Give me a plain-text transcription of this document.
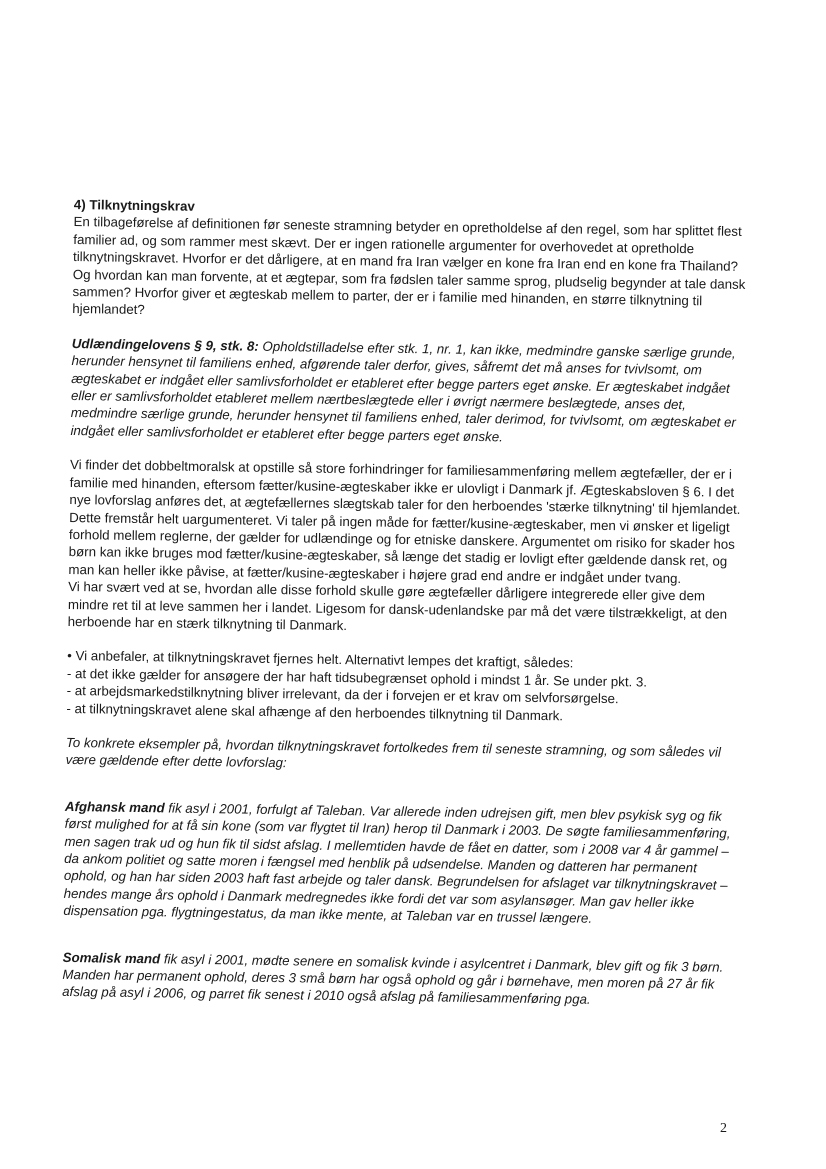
4) Tilknytningskrav

En tilbageførelse af definitionen før seneste stramning betyder en opretholdelse af den regel, som har splittet flest familier ad, og som rammer mest skævt. Der er ingen rationelle argumenter for overhovedet at opretholde tilknytningskravet. Hvorfor er det dårligere, at en mand fra Iran vælger en kone fra Iran end en kone fra Thailand? Og hvordan kan man forvente, at et ægtepar, som fra fødslen taler samme sprog, pludselig begynder at tale dansk sammen? Hvorfor giver et ægteskab mellem to parter, der er i familie med hinanden, en større tilknytning til hjemlandet?

Udlændingelovens § 9, stk. 8: Opholdstilladelse efter stk. 1, nr. 1, kan ikke, medmindre ganske særlige grunde, herunder hensynet til familiens enhed, afgørende taler derfor, gives, såfremt det må anses for tvivlsomt, om ægteskabet er indgået eller samlivsforholdet er etableret efter begge parters eget ønske. Er ægteskabet indgået eller er samlivsforholdet etableret mellem nærtbeslægtede eller i øvrigt nærmere beslægtede, anses det, medmindre særlige grunde, herunder hensynet til familiens enhed, taler derimod, for tvivlsomt, om ægteskabet er indgået eller samlivsforholdet er etableret efter begge parters eget ønske.

Vi finder det dobbeltmoralsk at opstille så store forhindringer for familiesammenføring mellem ægtefæller, der er i familie med hinanden, eftersom fætter/kusine-ægteskaber ikke er ulovligt i Danmark jf. Ægteskabsloven § 6. I det nye lovforslag anføres det, at ægtefællernes slægtskab taler for den herboendes 'stærke tilknytning' til hjemlandet. Dette fremstår helt uargumenteret. Vi taler på ingen måde for fætter/kusine-ægteskaber, men vi ønsker et ligeligt forhold mellem reglerne, der gælder for udlændinge og for etniske danskere. Argumentet om risiko for skader hos børn kan ikke bruges mod fætter/kusine-ægteskaber, så længe det stadig er lovligt efter gældende dansk ret, og man kan heller ikke påvise, at fætter/kusine-ægteskaber i højere grad end andre er indgået under tvang.

Vi har svært ved at se, hvordan alle disse forhold skulle gøre ægtefæller dårligere integrerede eller give dem mindre ret til at leve sammen her i landet. Ligesom for dansk-udenlandske par må det være tilstrækkeligt, at den herboende har en stærk tilknytning til Danmark.

• Vi anbefaler, at tilknytningskravet fjernes helt. Alternativt lempes det kraftigt, således:

- at det ikke gælder for ansøgere der har haft tidsubegrænset ophold i mindst 1 år. Se under pkt. 3.

- at arbejdsmarkedstilknytning bliver irrelevant, da der i forvejen er et krav om selvforsørgelse.

- at tilknytningskravet alene skal afhænge af den herboendes tilknytning til Danmark.

To konkrete eksempler på, hvordan tilknytningskravet fortolkedes frem til seneste stramning, og som således vil være gældende efter dette lovforslag:

Afghansk mand fik asyl i 2001, forfulgt af Taleban. Var allerede inden udrejsen gift, men blev psykisk syg og fik først mulighed for at få sin kone (som var flygtet til Iran) herop til Danmark i 2003. De søgte familiesammenføring, men sagen trak ud og hun fik til sidst afslag. I mellemtiden havde de fået en datter, som i 2008 var 4 år gammel – da ankom politiet og satte moren i fængsel med henblik på udsendelse. Manden og datteren har permanent ophold, og han har siden 2003 haft fast arbejde og taler dansk. Begrundelsen for afslaget var tilknytningskravet – hendes mange års ophold i Danmark medregnedes ikke fordi det var som asylansøger. Man gav heller ikke dispensation pga. flygtningestatus, da man ikke mente, at Taleban var en trussel længere.

Somalisk mand fik asyl i 2001, mødte senere en somalisk kvinde i asylcentret i Danmark, blev gift og fik 3 børn. Manden har permanent ophold, deres 3 små børn har også ophold og går i børnehave, men moren på 27 år fik afslag på asyl i 2006, og parret fik senest i 2010 også afslag på familiesammenføring pga.

2
